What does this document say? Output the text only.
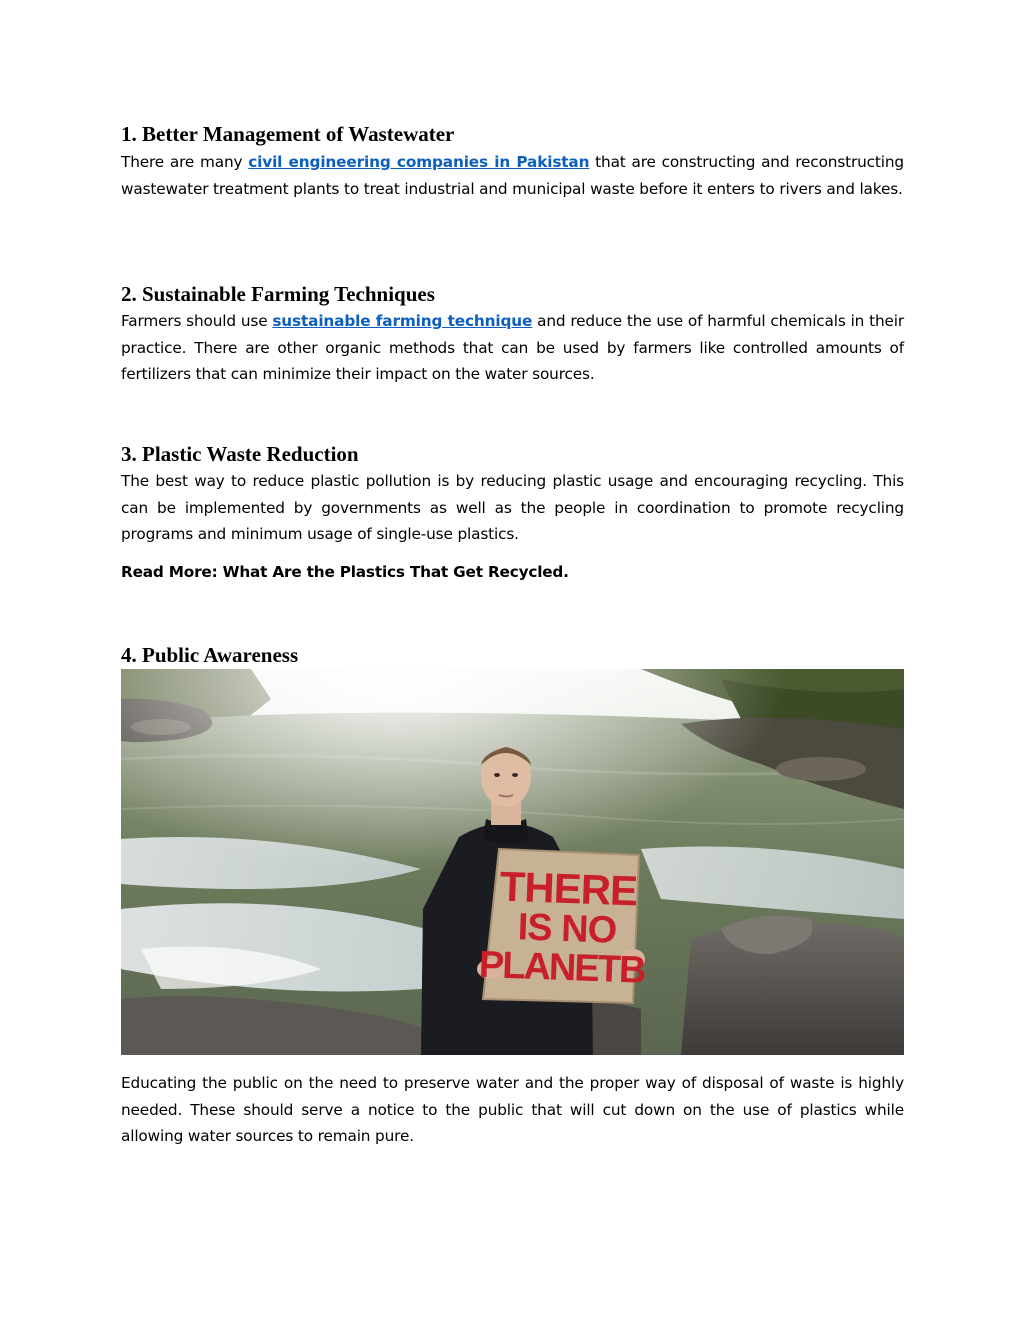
1. Better Management of Wastewater

There are many civil engineering companies in Pakistan that are constructing and reconstructing wastewater treatment plants to treat industrial and municipal waste before it enters to rivers and lakes.

2. Sustainable Farming Techniques

Farmers should use sustainable farming technique and reduce the use of harmful chemicals in their practice. There are other organic methods that can be used by farmers like controlled amounts of fertilizers that can minimize their impact on the water sources.

3. Plastic Waste Reduction

The best way to reduce plastic pollution is by reducing plastic usage and encouraging recycling. This can be implemented by governments as well as the people in coordination to promote recycling programs and minimum usage of single-use plastics.

Read More: What Are the Plastics That Get Recycled.
4. Public Awareness
THERE
IS NO
PLANETB

Educating the public on the need to preserve water and the proper way of disposal of waste is highly needed. These should serve a notice to the public that will cut down on the use of plastics while allowing water sources to remain pure.
